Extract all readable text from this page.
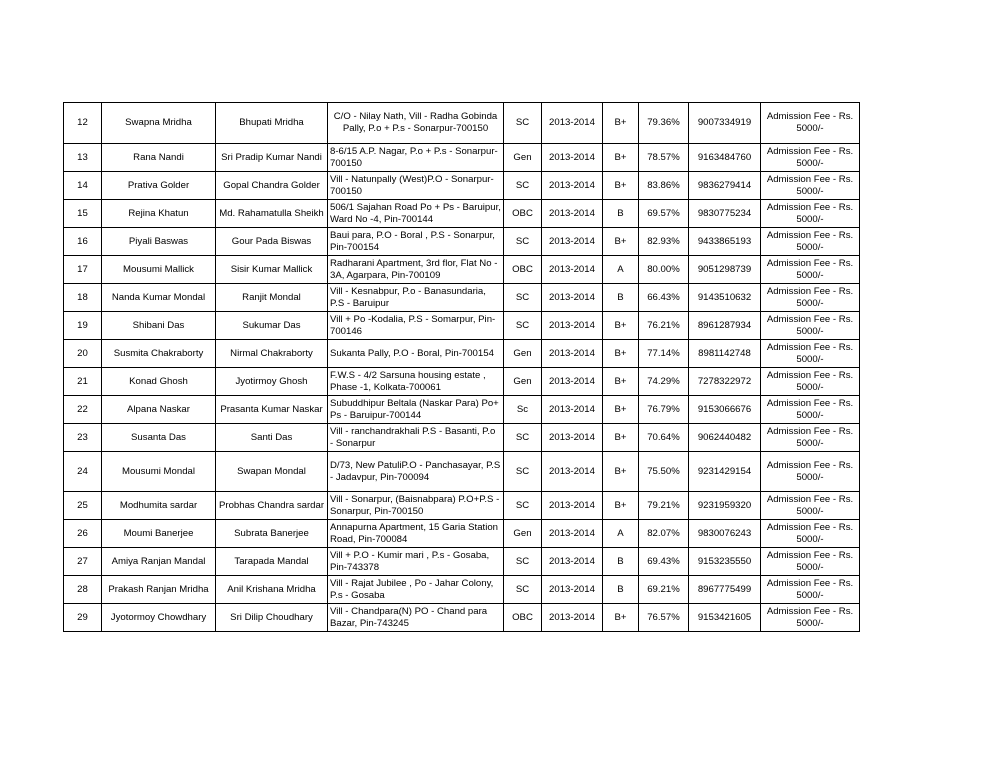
12	Swapna Mridha	Bhupati Mridha	C/O - Nilay Nath, Vill - Radha Gobinda Pally, P.o + P.s - Sonarpur-700150	SC	2013-2014	B+	79.36%	9007334919	Admission Fee - Rs. 5000/-
13	Rana Nandi	Sri Pradip Kumar Nandi	8-6/15 A.P. Nagar, P.o + P.s - Sonarpur-700150	Gen	2013-2014	B+	78.57%	9163484760	Admission Fee - Rs. 5000/-
14	Prativa Golder	Gopal Chandra Golder	Vill - Natunpally (West)P.O - Sonarpur-700150	SC	2013-2014	B+	83.86%	9836279414	Admission Fee - Rs. 5000/-
15	Rejina Khatun	Md. Rahamatulla Sheikh	506/1 Sajahan Road Po + Ps - Baruipur, Ward No -4, Pin-700144	OBC	2013-2014	B	69.57%	9830775234	Admission Fee - Rs. 5000/-
16	Piyali Baswas	Gour Pada Biswas	Baui para, P.O - Boral , P.S - Sonarpur, Pin-700154	SC	2013-2014	B+	82.93%	9433865193	Admission Fee - Rs. 5000/-
17	Mousumi Mallick	Sisir Kumar Mallick	Radharani Apartment, 3rd flor, Flat No - 3A, Agarpara, Pin-700109	OBC	2013-2014	A	80.00%	9051298739	Admission Fee - Rs. 5000/-
18	Nanda Kumar Mondal	Ranjit Mondal	Vill - Kesnabpur, P.o - Banasundaria, P.S - Baruipur	SC	2013-2014	B	66.43%	9143510632	Admission Fee - Rs. 5000/-
19	Shibani Das	Sukumar Das	Vill + Po -Kodalia, P.S - Somarpur, Pin-700146	SC	2013-2014	B+	76.21%	8961287934	Admission Fee - Rs. 5000/-
20	Susmita Chakraborty	Nirmal Chakraborty	Sukanta Pally, P.O - Boral, Pin-700154	Gen	2013-2014	B+	77.14%	8981142748	Admission Fee - Rs. 5000/-
21	Konad Ghosh	Jyotirmoy Ghosh	F.W.S - 4/2 Sarsuna housing estate , Phase -1, Kolkata-700061	Gen	2013-2014	B+	74.29%	7278322972	Admission Fee - Rs. 5000/-
22	Alpana Naskar	Prasanta Kumar Naskar	Subuddhipur Beltala (Naskar Para) Po+ Ps - Baruipur-700144	Sc	2013-2014	B+	76.79%	9153066676	Admission Fee - Rs. 5000/-
23	Susanta Das	Santi Das	Vill - ranchandrakhali P.S - Basanti, P.o - Sonarpur	SC	2013-2014	B+	70.64%	9062440482	Admission Fee - Rs. 5000/-
24	Mousumi Mondal	Swapan Mondal	D/73, New PatuliP.O - Panchasayar, P.S - Jadavpur, Pin-700094	SC	2013-2014	B+	75.50%	9231429154	Admission Fee - Rs. 5000/-
25	Modhumita sardar	Probhas Chandra sardar	Vill - Sonarpur, (Baisnabpara) P.O+P.S - Sonarpur, Pin-700150	SC	2013-2014	B+	79.21%	9231959320	Admission Fee - Rs. 5000/-
26	Moumi Banerjee	Subrata Banerjee	Annapurna Apartment, 15 Garia Station Road, Pin-700084	Gen	2013-2014	A	82.07%	9830076243	Admission Fee - Rs. 5000/-
27	Amiya Ranjan Mandal	Tarapada Mandal	Vill + P.O - Kumir mari , P.s - Gosaba, Pin-743378	SC	2013-2014	B	69.43%	9153235550	Admission Fee - Rs. 5000/-
28	Prakash Ranjan Mridha	Anil Krishana Mridha	Vill - Rajat Jubilee , Po - Jahar Colony, P.s - Gosaba	SC	2013-2014	B	69.21%	8967775499	Admission Fee - Rs. 5000/-
29	Jyotormoy Chowdhary	Sri Dilip Choudhary	Vill - Chandpara(N) PO - Chand para Bazar, Pin-743245	OBC	2013-2014	B+	76.57%	9153421605	Admission Fee - Rs. 5000/-
